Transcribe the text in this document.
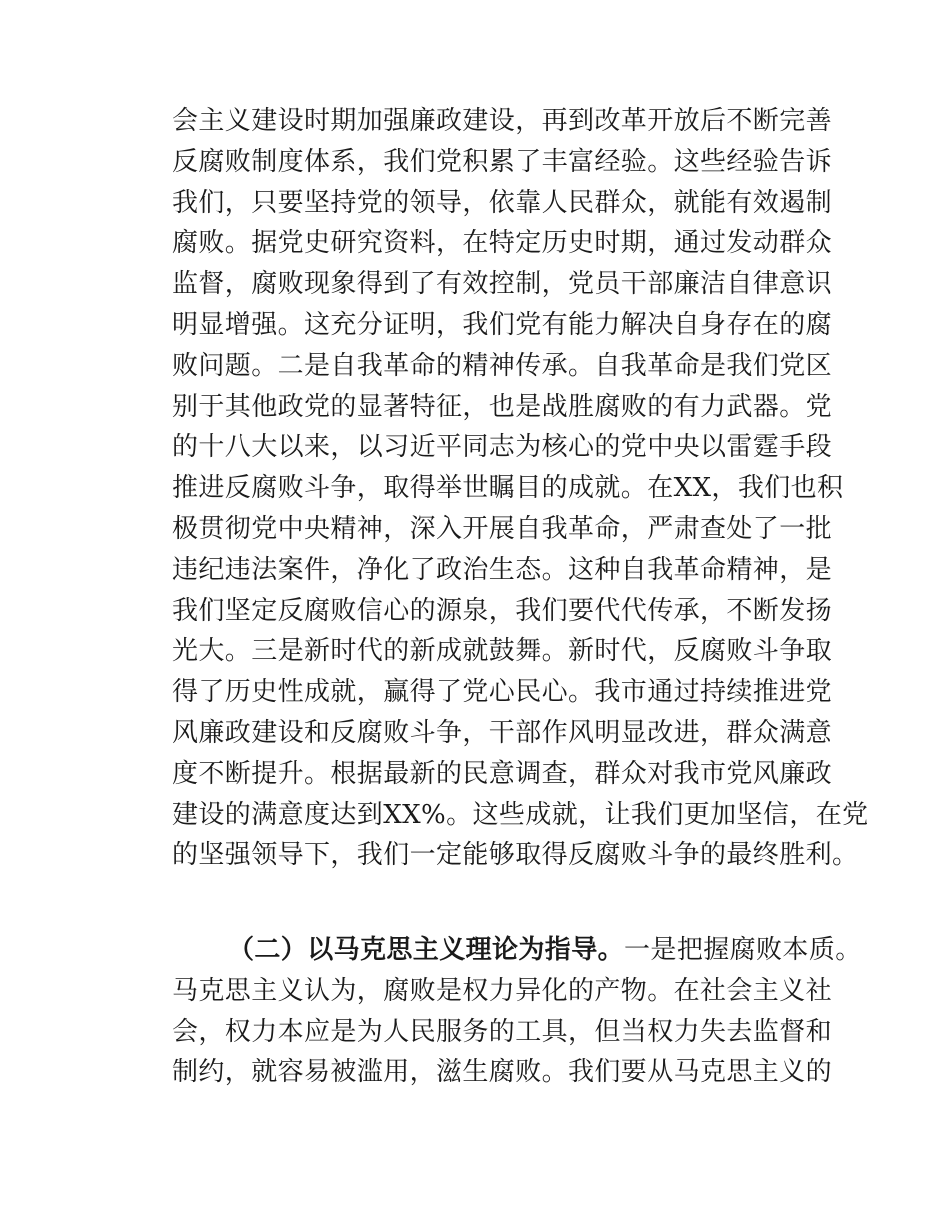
会主义建设时期加强廉政建设，再到改革开放后不断完善
反腐败制度体系，我们党积累了丰富经验。这些经验告诉
我们，只要坚持党的领导，依靠人民群众，就能有效遏制
腐败。据党史研究资料，在特定历史时期，通过发动群众
监督，腐败现象得到了有效控制，党员干部廉洁自律意识
明显增强。这充分证明，我们党有能力解决自身存在的腐
败问题。二是自我革命的精神传承。自我革命是我们党区
别于其他政党的显著特征，也是战胜腐败的有力武器。党
的十八大以来，以习近平同志为核心的党中央以雷霆手段
推进反腐败斗争，取得举世瞩目的成就。在XX，我们也积
极贯彻党中央精神，深入开展自我革命，严肃查处了一批
违纪违法案件，净化了政治生态。这种自我革命精神，是
我们坚定反腐败信心的源泉，我们要代代传承，不断发扬
光大。三是新时代的新成就鼓舞。新时代，反腐败斗争取
得了历史性成就，赢得了党心民心。我市通过持续推进党
风廉政建设和反腐败斗争，干部作风明显改进，群众满意
度不断提升。根据最新的民意调查，群众对我市党风廉政
建设的满意度达到XX%。这些成就，让我们更加坚信，在党
的坚强领导下，我们一定能够取得反腐败斗争的最终胜利。
（二）以马克思主义理论为指导。一是把握腐败本质。
马克思主义认为，腐败是权力异化的产物。在社会主义社
会，权力本应是为人民服务的工具，但当权力失去监督和
制约，就容易被滥用，滋生腐败。我们要从马克思主义的
